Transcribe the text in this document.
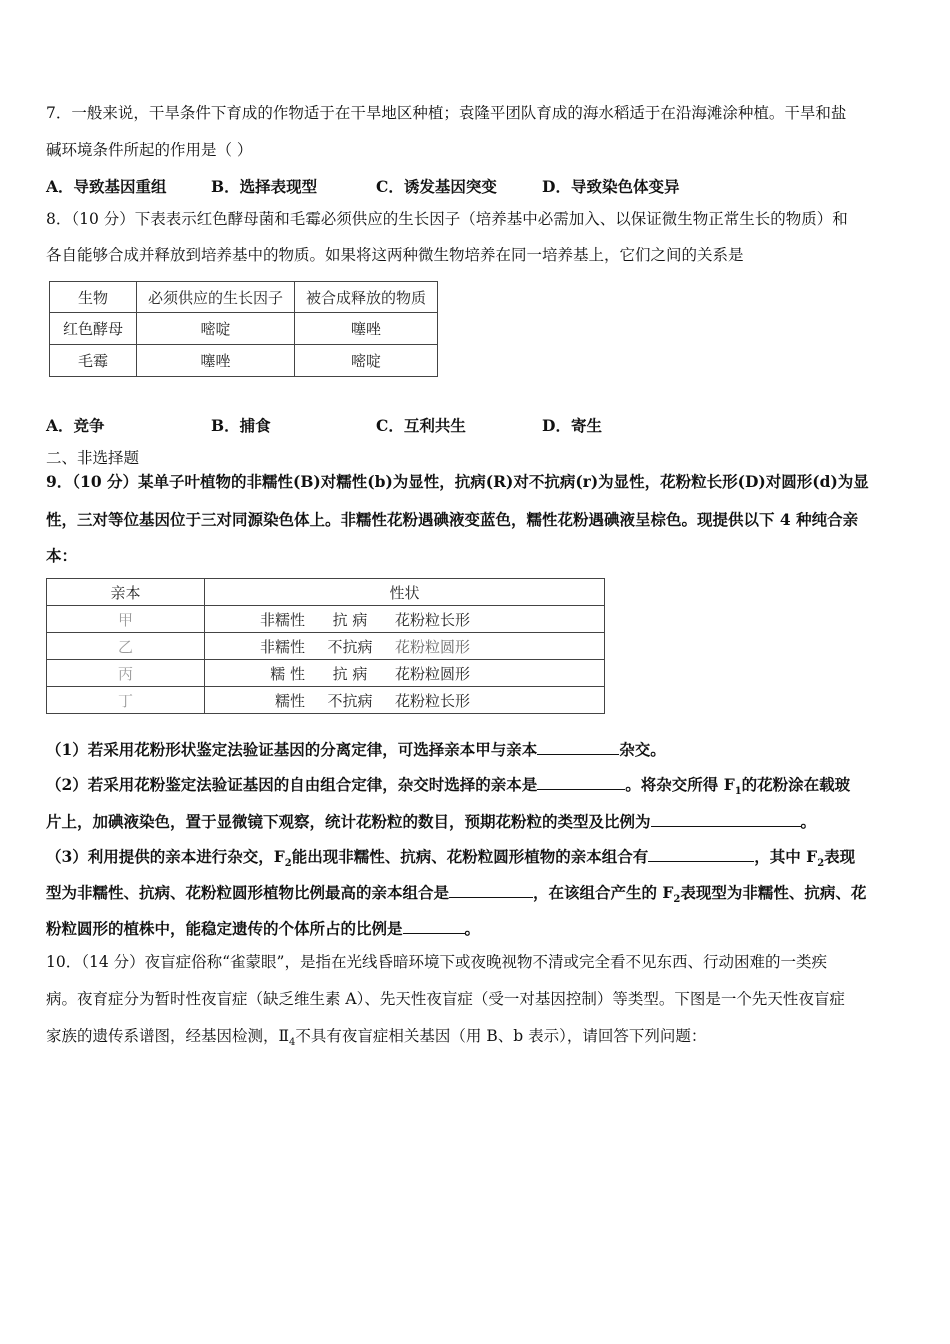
7．一般来说，干旱条件下育成的作物适于在干旱地区种植；袁隆平团队育成的海水稻适于在沿海滩涂种植。干旱和盐
碱环境条件所起的作用是（ ）
A．导致基因重组	B．选择表现型	C．诱发基因突变	D．导致染色体变异
8．（10 分）下表表示红色酵母菌和毛霉必须供应的生长因子（培养基中必需加入、以保证微生物正常生长的物质）和
各自能够合成并释放到培养基中的物质。如果将这两种微生物培养在同一培养基上，它们之间的关系是
生物	必须供应的生长因子	被合成释放的物质
红色酵母	嘧啶	噻唑
毛霉	噻唑	嘧啶
A．竞争	B．捕食	C．互利共生	D．寄生
二、非选择题
9．（10 分）某单子叶植物的非糯性(B)对糯性(b)为显性，抗病(R)对不抗病(r)为显性，花粉粒长形(D)对圆形(d)为显
性，三对等位基因位于三对同源染色体上。非糯性花粉遇碘液变蓝色，糯性花粉遇碘液呈棕色。现提供以下 4 种纯合亲
本：
亲本	性状		
甲	非糯性	抗 病	花粉粒长形
乙	非糯性	不抗病	花粉粒圆形
丙	糯 性	抗 病	花粉粒圆形
丁	糯性	不抗病	花粉粒长形
（1）若采用花粉形状鉴定法验证基因的分离定律，可选择亲本甲与亲本	杂交。
（2）若采用花粉鉴定法验证基因的自由组合定律，杂交时选择的亲本是	。将杂交所得 $F_1$的花粉涂在载玻
片上，加碘液染色，置于显微镜下观察，统计花粉粒的数目，预期花粉粒的类型及比例为	。
（3）利用提供的亲本进行杂交，$F_2$能出现非糯性、抗病、花粉粒圆形植物的亲本组合有	，其中 $F_2$表现
型为非糯性、抗病、花粉粒圆形植物比例最高的亲本组合是	，在该组合产生的 $F_2$表现型为非糯性、抗病、花
粉粒圆形的植株中，能稳定遗传的个体所占的比例是	。
10．（14 分）夜盲症俗称“雀蒙眼”，是指在光线昏暗环境下或夜晚视物不清或完全看不见东西、行动困难的一类疾
病。夜育症分为暂时性夜盲症（缺乏维生素 A）、先天性夜盲症（受一对基因控制）等类型。下图是一个先天性夜盲症
家族的遗传系谱图，经基因检测，$Ⅱ_4$不具有夜盲症相关基因（用 B、b 表示），请回答下列问题：
